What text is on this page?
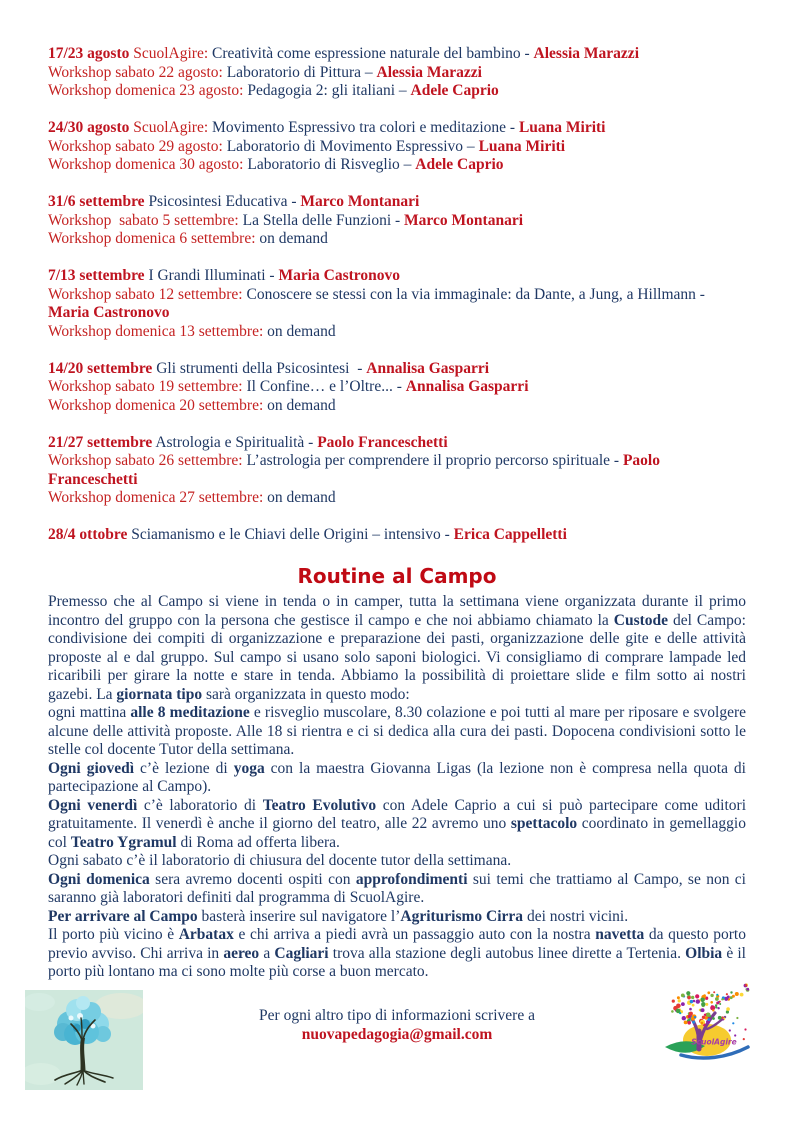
17/23 agosto ScuolAgire: Creatività come espressione naturale del bambino - Alessia Marazzi
Workshop sabato 22 agosto: Laboratorio di Pittura – Alessia Marazzi
Workshop domenica 23 agosto: Pedagogia 2: gli italiani – Adele Caprio
24/30 agosto ScuolAgire: Movimento Espressivo tra colori e meditazione - Luana Miriti
Workshop sabato 29 agosto: Laboratorio di Movimento Espressivo – Luana Miriti
Workshop domenica 30 agosto: Laboratorio di Risveglio – Adele Caprio
31/6 settembre Psicosintesi Educativa - Marco Montanari
Workshop  sabato 5 settembre: La Stella delle Funzioni - Marco Montanari
Workshop domenica 6 settembre: on demand
7/13 settembre I Grandi Illuminati - Maria Castronovo
Workshop sabato 12 settembre: Conoscere se stessi con la via immaginale: da Dante, a Jung, a Hillmann - Maria Castronovo
Workshop domenica 13 settembre: on demand
14/20 settembre Gli strumenti della Psicosintesi  - Annalisa Gasparri
Workshop sabato 19 settembre: Il Confine… e l’Oltre... - Annalisa Gasparri
Workshop domenica 20 settembre: on demand
21/27 settembre Astrologia e Spiritualità - Paolo Franceschetti
Workshop sabato 26 settembre: L’astrologia per comprendere il proprio percorso spirituale - Paolo Franceschetti
Workshop domenica 27 settembre: on demand
28/4 ottobre Sciamanismo e le Chiavi delle Origini – intensivo - Erica Cappelletti
Routine al Campo

Premesso che al Campo si viene in tenda o in camper, tutta la settimana viene organizzata durante il primo incontro del gruppo con la persona che gestisce il campo e che noi abbiamo chiamato la Custode del Campo: condivisione dei compiti di organizzazione e preparazione dei pasti, organizzazione delle gite e delle attività proposte al e dal gruppo. Sul campo si usano solo saponi biologici. Vi consigliamo di comprare lampade led ricaribili per girare la notte e stare in tenda. Abbiamo la possibilità di proiettare slide e film sotto ai nostri gazebi. La giornata tipo sarà organizzata in questo modo:

ogni mattina alle 8 meditazione e risveglio muscolare, 8.30 colazione e poi tutti al mare per riposare e svolgere alcune delle attività proposte. Alle 18 si rientra e ci si dedica alla cura dei pasti. Dopocena condivisioni sotto le stelle col docente Tutor della settimana.

Ogni giovedì c’è lezione di yoga con la maestra Giovanna Ligas (la lezione non è compresa nella quota di partecipazione al Campo).

Ogni venerdì c’è laboratorio di Teatro Evolutivo con Adele Caprio a cui si può partecipare come uditori gratuitamente. Il venerdì è anche il giorno del teatro, alle 22 avremo uno spettacolo coordinato in gemellaggio col Teatro Ygramul di Roma ad offerta libera.

Ogni sabato c’è il laboratorio di chiusura del docente tutor della settimana.

Ogni domenica sera avremo docenti ospiti con approfondimenti sui temi che trattiamo al Campo, se non ci saranno già laboratori definiti dal programma di ScuolAgire.

Per arrivare al Campo basterà inserire sul navigatore l’Agriturismo Cirra dei nostri vicini.

Il porto più vicino è Arbatax e chi arriva a piedi avrà un passaggio auto con la nostra navetta da questo porto previo avviso. Chi arriva in aereo a Cagliari trova alla stazione degli autobus linee dirette a Tertenia. Olbia è il porto più lontano ma ci sono molte più corse a buon mercato.

Per ogni altro tipo di informazioni scrivere a
nuovapedagogia@gmail.com	ScuolAgire
